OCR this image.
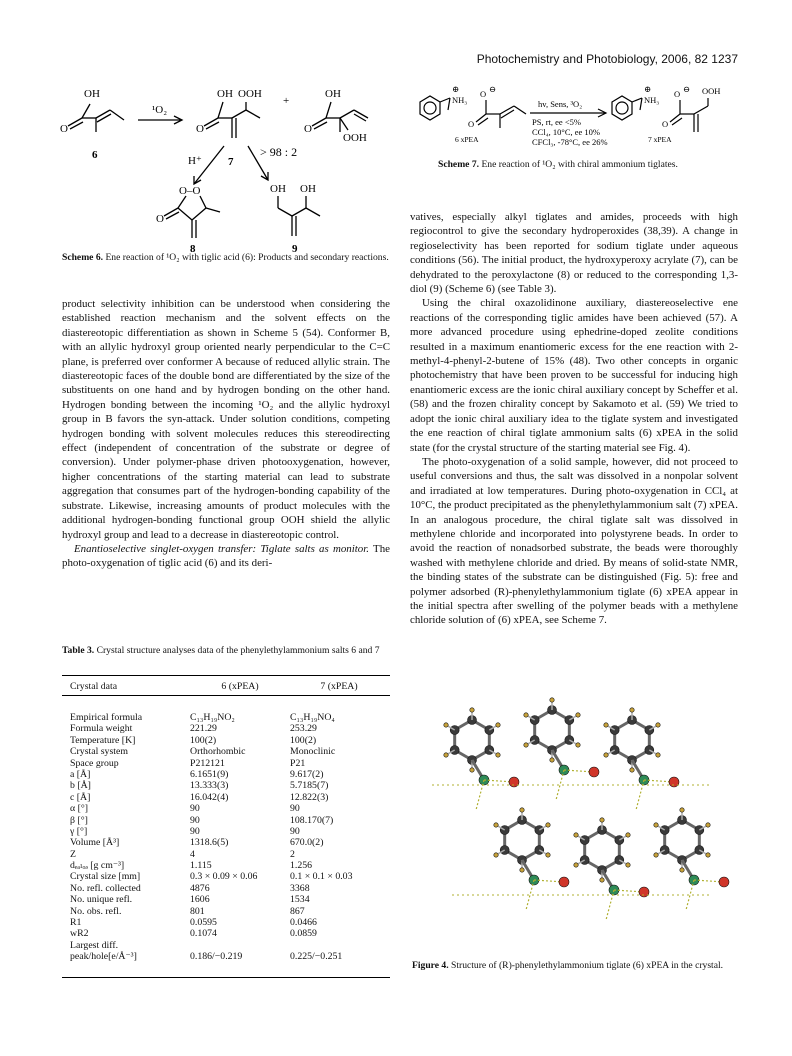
Photochemistry and Photobiology, 2006, 82 1237
OH
O
6
¹O₂
OH OOH
O
+
OH
O
OOH
> 98 : 2
7
H⁺
O–O
O
8
OH OH
9
Scheme 6. Ene reaction of ¹O₂ with tiglic acid (6): Products and secondary reactions.
⊕
NH₃
O ⊖
O
6 xPEA
hv, Sens, ³O₂
PS, rt, ee <5%
CCl₄, 10°C, ee 10%
CFCl₃, -78°C, ee 26%
⊕
NH₃
O ⊖ OOH
O
7 xPEA
Scheme 7. Ene reaction of ¹O₂ with chiral ammonium tiglates.

product selectivity inhibition can be understood when considering the established reaction mechanism and the solvent effects on the diastereotopic differentiation as shown in Scheme 5 (54). Conformer B, with an allylic hydroxyl group oriented nearly perpendicular to the C=C plane, is preferred over conformer A because of reduced allylic strain. The diastereotopic faces of the double bond are differentiated by the size of the substituents on one hand and by hydrogen bonding on the other hand. Hydrogen bonding between the incoming ¹O₂ and the allylic hydroxyl group in B favors the syn-attack. Under solution conditions, competing hydrogen bonding with solvent molecules reduces this stereodirecting effect (independent of concentration of the substrate or degree of conversion). Under polymer-phase driven photooxygenation, however, higher concentrations of the starting material can lead to substrate aggregation that consumes part of the hydrogen-bonding capability of the substrate. Likewise, increasing amounts of product molecules with the additional hydrogen-bonding functional group OOH shield the allylic hydroxyl group and lead to a decrease in diastereotopic control.

Enantioselective singlet-oxygen transfer: Tiglate salts as monitor. The photo-oxygenation of tiglic acid (6) and its deri-

vatives, especially alkyl tiglates and amides, proceeds with high regiocontrol to give the secondary hydroperoxides (38,39). A change in regioselectivity has been reported for sodium tiglate under aqueous conditions (56). The initial product, the hydroxyperoxy acrylate (7), can be dehydrated to the peroxylactone (8) or reduced to the corresponding 1,3-diol (9) (Scheme 6) (see Table 3).

Using the chiral oxazolidinone auxiliary, diastereoselective ene reactions of the corresponding tiglic amides have been achieved (57). A more advanced procedure using ephedrine-doped zeolite conditions resulted in a maximum enantiomeric excess for the ene reaction with 2-methyl-4-phenyl-2-butene of 15% (48). Two other concepts in organic photochemistry that have been proven to be successful for inducing high enantiomeric excess are the ionic chiral auxiliary concept by Scheffer et al. (58) and the frozen chirality concept by Sakamoto et al. (59) We tried to adopt the ionic chiral auxiliary idea to the tiglate system and investigated the ene reaction of chiral tiglate ammonium salts (6) xPEA in the solid state (for the crystal structure of the starting material see Fig. 4).

The photo-oxygenation of a solid sample, however, did not proceed to useful conversions and thus, the salt was dissolved in a nonpolar solvent and irradiated at low temperatures. During photo-oxygenation in CCl₄ at 10°C, the product precipitated as the phenylethylammonium salt (7) xPEA. In an analogous procedure, the chiral tiglate salt was dissolved in methylene chloride and incorporated into polystyrene beads. In order to avoid the reaction of nonadsorbed substrate, the beads were thoroughly washed with methylene chloride and dried. By means of solid-state NMR, the binding states of the substrate can be distinguished (Fig. 5): free and polymer adsorbed (R)-phenylethylammonium tiglate (6) xPEA appear in the initial spectra after swelling of the polymer beads with a methylene chloride solution of (6) xPEA, see Scheme 7.

Table 3. Crystal structure analyses data of the phenylethylammonium salts 6 and 7
Crystal data	6 (xPEA)	7 (xPEA)
Empirical formula	C₁₃H₁₉NO₂	C₁₃H₁₉NO₄
Formula weight	221.29	253.29
Temperature [K]	100(2)	100(2)
Crystal system	Orthorhombic	Monoclinic
Space group	P212121	P21
a [Å]	6.1651(9)	9.617(2)
b [Å]	13.333(3)	5.7185(7)
c [Å]	16.042(4)	12.822(3)
α [°]	90	90
β [°]	90	108.170(7)
γ [°]	90	90
Volume [Å³]	1318.6(5)	670.0(2)
Z	4	2
dₑₐₗₒₔ [g cm⁻³]	1.115	1.256
Crystal size [mm]	0.3 × 0.09 × 0.06	0.1 × 0.1 × 0.03
No. refl. collected	4876	3368
No. unique refl.	1606	1534
No. obs. refl.	801	867
R1	0.0595	0.0466
wR2	0.1074	0.0859
Largest diff.		
peak/hole[e/Å⁻³]	0.186/−0.219	0.225/−0.251
Figure 4. Structure of (R)-phenylethylammonium tiglate (6) xPEA in the crystal.
